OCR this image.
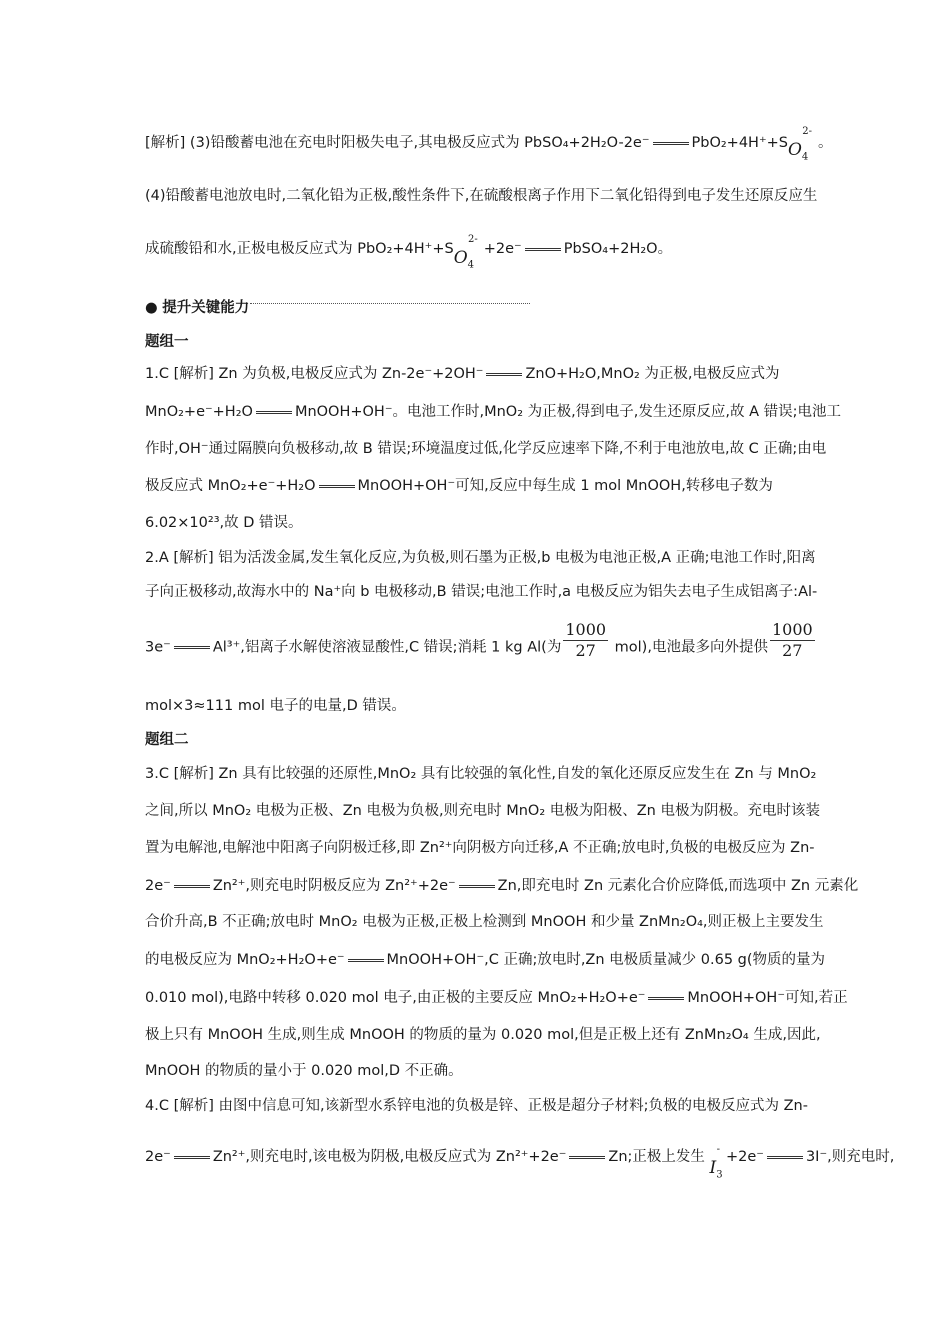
[解析] (3)铅酸蓄电池在充电时阳极失电子,其电极反应式为 PbSO₄+2H₂O-2e⁻	$PbO_2+4H^++SO_4^{2-}$。
(4)铅酸蓄电池放电时,二氧化铅为正极,酸性条件下,在硫酸根离子作用下二氧化铅得到电子发生还原反应生
成硫酸铅和水,正极电极反应式为 $PbO_2+4H^++SO_4^{2-}+2e^-$	PbSO₄+2H₂O。
● 提升关键能力
题组一
1.C [解析] Zn 为负极,电极反应式为 Zn-2e⁻+2OH⁻	ZnO+H₂O,MnO₂ 为正极,电极反应式为
MnO₂+e⁻+H₂O	MnOOH+OH⁻。电池工作时,MnO₂ 为正极,得到电子,发生还原反应,故 A 错误;电池工
作时,OH⁻通过隔膜向负极移动,故 B 错误;环境温度过低,化学反应速率下降,不利于电池放电,故 C 正确;由电
极反应式 MnO₂+e⁻+H₂O	MnOOH+OH⁻可知,反应中每生成 1 mol MnOOH,转移电子数为
6.02×10²³,故 D 错误。
2.A [解析] 铝为活泼金属,发生氧化反应,为负极,则石墨为正极,b 电极为电池正极,A 正确;电池工作时,阳离
子向正极移动,故海水中的 Na⁺向 b 电极移动,B 错误;电池工作时,a 电极反应为铝失去电子生成铝离子:Al-
3e⁻	Al³⁺,铝离子水解使溶液显酸性,C 错误;消耗 1 kg Al(为 $\frac{1000}{27} mol$),电池最多向外提供 $\frac{1000}{27}$
mol×3≈111 mol 电子的电量,D 错误。
题组二
3.C [解析] Zn 具有比较强的还原性,MnO₂ 具有比较强的氧化性,自发的氧化还原反应发生在 Zn 与 MnO₂
之间,所以 MnO₂ 电极为正极、Zn 电极为负极,则充电时 MnO₂ 电极为阳极、Zn 电极为阴极。充电时该装
置为电解池,电解池中阳离子向阴极迁移,即 Zn²⁺向阴极方向迁移,A 不正确;放电时,负极的电极反应为 Zn-
2e⁻	Zn²⁺,则充电时阴极反应为 Zn²⁺+2e⁻	Zn,即充电时 Zn 元素化合价应降低,而选项中 Zn 元素化
合价升高,B 不正确;放电时 MnO₂ 电极为正极,正极上检测到 MnOOH 和少量 ZnMn₂O₄,则正极上主要发生
的电极反应为 MnO₂+H₂O+e⁻	MnOOH+OH⁻,C 正确;放电时,Zn 电极质量减少 0.65 g(物质的量为
0.010 mol),电路中转移 0.020 mol 电子,由正极的主要反应 MnO₂+H₂O+e⁻	MnOOH+OH⁻可知,若正
极上只有 MnOOH 生成,则生成 MnOOH 的物质的量为 0.020 mol,但是正极上还有 ZnMn₂O₄ 生成,因此,
MnOOH 的物质的量小于 0.020 mol,D 不正确。
4.C [解析] 由图中信息可知,该新型水系锌电池的负极是锌、正极是超分子材料;负极的电极反应式为 Zn-
2e⁻	Zn²⁺,则充电时,该电极为阴极,电极反应式为 Zn²⁺+2e⁻	Zn;正极上发生 $I_3^- +2e^-$	3I⁻,则充电时,
